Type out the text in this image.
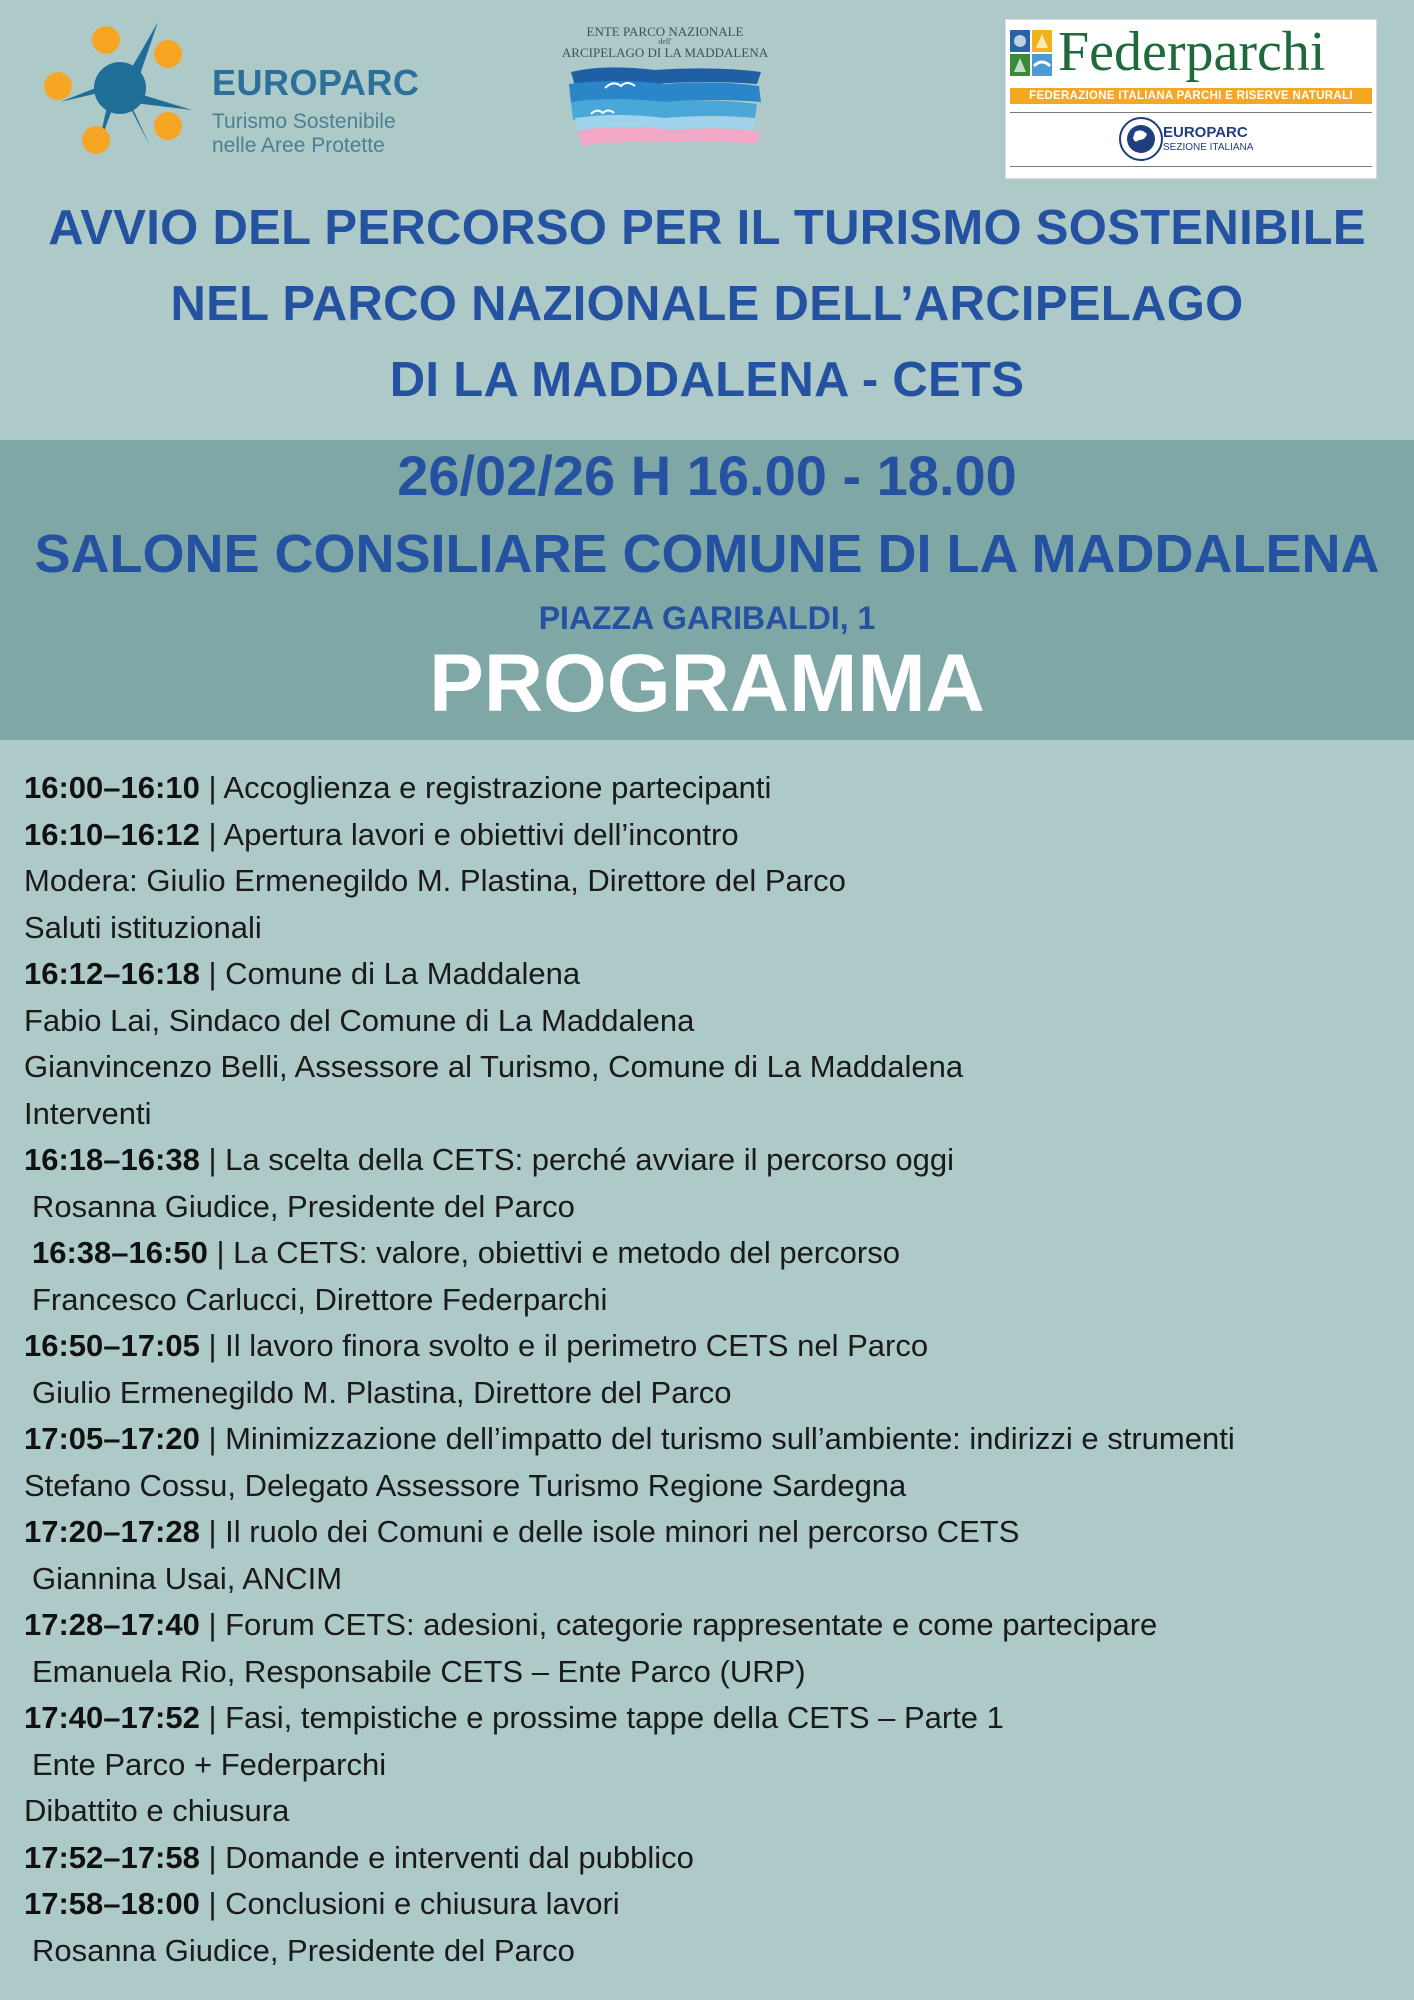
EUROPARC
Turismo Sostenibile
nelle Aree Protette
ENTE PARCO NAZIONALE
dell'
ARCIPELAGO DI LA MADDALENA	Federparchi
FEDERAZIONE ITALIANA PARCHI E RISERVE NATURALI
EUROPARC
SEZIONE ITALIANA
AVVIO DEL PERCORSO PER IL TURISMO SOSTENIBILE
NEL PARCO NAZIONALE DELL’ARCIPELAGO
DI LA MADDALENA - CETS
26/02/26 H 16.00 - 18.00
SALONE CONSILIARE COMUNE DI LA MADDALENA
PIAZZA GARIBALDI, 1
PROGRAMMA
16:00–16:10 | Accoglienza e registrazione partecipanti
16:10–16:12 | Apertura lavori e obiettivi dell’incontro
Modera: Giulio Ermenegildo M. Plastina, Direttore del Parco
Saluti istituzionali
16:12–16:18 | Comune di La Maddalena
Fabio Lai, Sindaco del Comune di La Maddalena
Gianvincenzo Belli, Assessore al Turismo, Comune di La Maddalena
Interventi
16:18–16:38 | La scelta della CETS: perché avviare il percorso oggi
Rosanna Giudice, Presidente del Parco
16:38–16:50 | La CETS: valore, obiettivi e metodo del percorso
Francesco Carlucci, Direttore Federparchi
16:50–17:05 | Il lavoro finora svolto e il perimetro CETS nel Parco
Giulio Ermenegildo M. Plastina, Direttore del Parco
17:05–17:20 | Minimizzazione dell’impatto del turismo sull’ambiente: indirizzi e strumenti
Stefano Cossu, Delegato Assessore Turismo Regione Sardegna
17:20–17:28 | Il ruolo dei Comuni e delle isole minori nel percorso CETS
Giannina Usai, ANCIM
17:28–17:40 | Forum CETS: adesioni, categorie rappresentate e come partecipare
Emanuela Rio, Responsabile CETS – Ente Parco (URP)
17:40–17:52 | Fasi, tempistiche e prossime tappe della CETS – Parte 1
Ente Parco + Federparchi
Dibattito e chiusura
17:52–17:58 | Domande e interventi dal pubblico
17:58–18:00 | Conclusioni e chiusura lavori
Rosanna Giudice, Presidente del Parco
